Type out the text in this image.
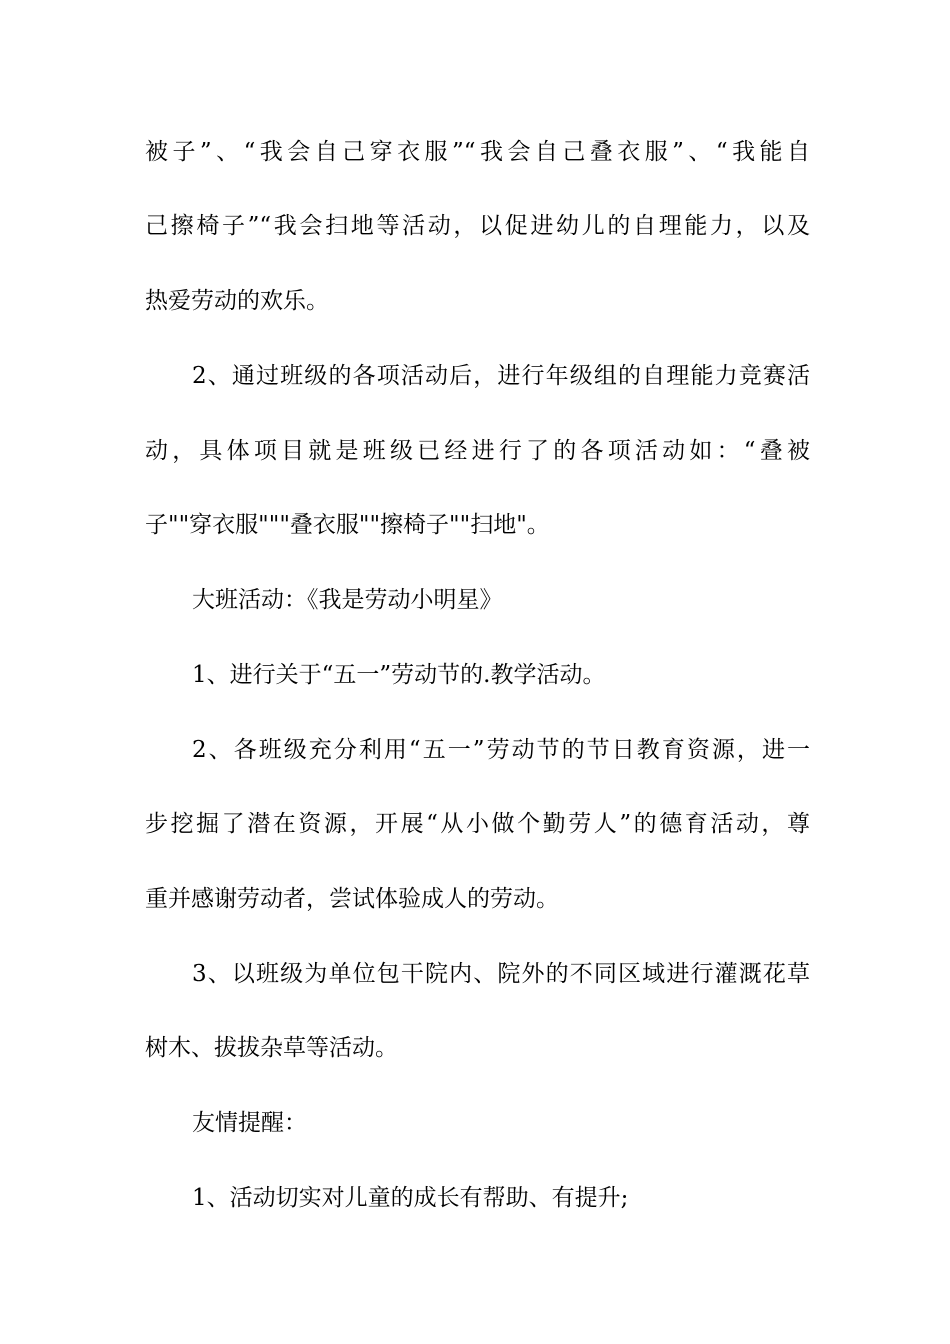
被子”、“我会自己穿衣服”“我会自己叠衣服”、“我能自
己擦椅子”“我会扫地等活动，以促进幼儿的自理能力，以及
热爱劳动的欢乐。
2、通过班级的各项活动后，进行年级组的自理能力竞赛活
动，具体项目就是班级已经进行了的各项活动如：“叠被
子""穿衣服"""叠衣服""擦椅子""扫地"。
大班活动：《我是劳动小明星》
1、进行关于“五一”劳动节的.教学活动。
2、各班级充分利用“五一”劳动节的节日教育资源，进一
步挖掘了潜在资源，开展“从小做个勤劳人”的德育活动，尊
重并感谢劳动者，尝试体验成人的劳动。
3、以班级为单位包干院内、院外的不同区域进行灌溉花草
树木、拔拔杂草等活动。
友情提醒：
1、活动切实对儿童的成长有帮助、有提升;
